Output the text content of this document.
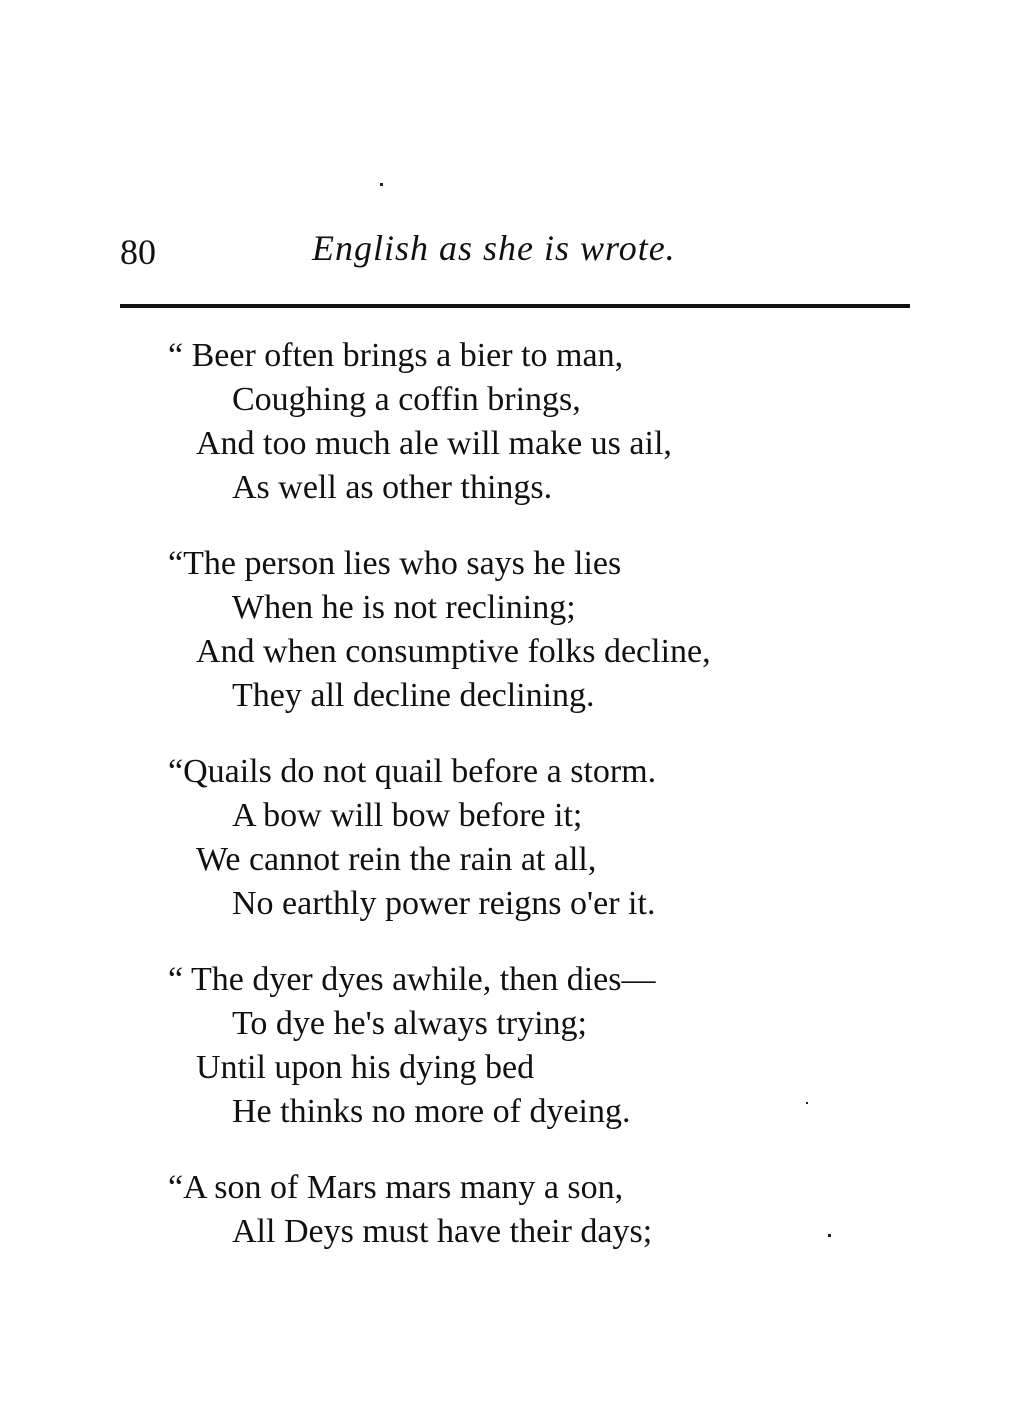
80	English as she is wrote.
“ Beer often brings a bier to man,
Coughing a coffin brings,
And too much ale will make us ail,
As well as other things.
“The person lies who says he lies
When he is not reclining;
And when consumptive folks decline,
They all decline declining.
“Quails do not quail before a storm.
A bow will bow before it;
We cannot rein the rain at all,
No earthly power reigns o'er it.
“ The dyer dyes awhile, then dies—
To dye he's always trying;
Until upon his dying bed
He thinks no more of dyeing.
“A son of Mars mars many a son,
All Deys must have their days;
